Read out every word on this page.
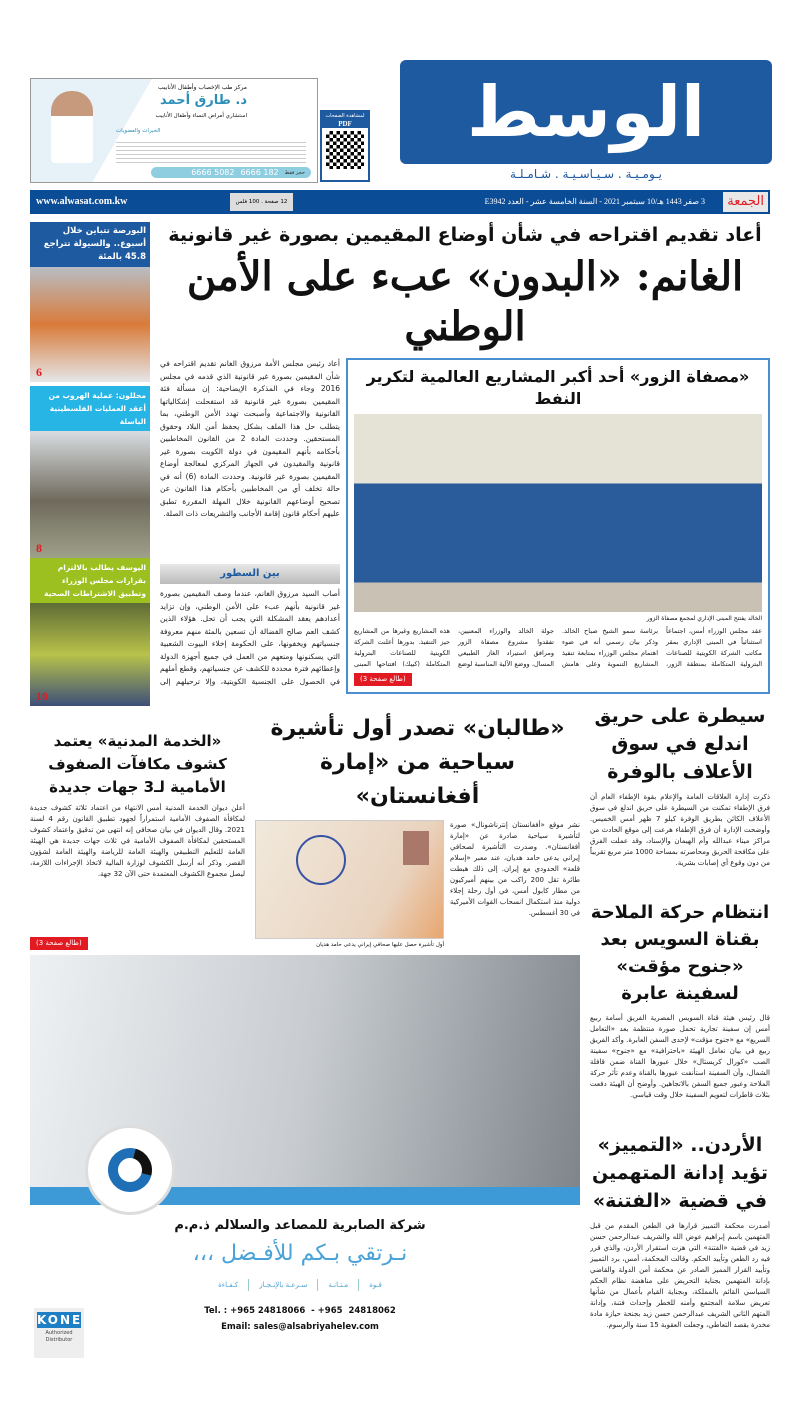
مركز طب الإخصاب وأطفال الأنابيب
د. طارق أحمد
استشاري أمراض النساء وأطفال الأنابيب
الخبرات والعضويات
حجز فقط
182 6666
5082 6666
لمشاهدة الصفحات
PDF	الوسط
يـومـيـة . سـيـاسـيـة . شـامـلـة
الجمعة
3 صفر 1443 هـ/10 سبتمبر 2021 - السنة الخامسة عشر - العدد E3942
12 صفحة . 100 فلس
www.alwasat.com.kw
البورصة تتباين خلال أسبوع.. والسيولة تتراجع 45.8 بالمئة
6
محللون: عملية الهروب من أعقد العمليات الفلسطينية الباسلة
8
اليوسف يطالب بالالتزام بقرارات مجلس الوزراء وتطبيق الاشتراطات الصحية
10
أعاد تقديم اقتراحه في شأن أوضاع المقيمين بصورة غير قانونية
الغانم: «البدون» عبء على الأمن الوطني
أعاد رئيس مجلس الأمة مرزوق الغانم تقديم اقتراحه في شأن المقيمين بصورة غير قانونية الذي قدمه في مجلس 2016 وجاء في المذكرة الإيضاحية: إن مسألة فئة المقيمين بصورة غير قانونية قد استفحلت إشكالياتها القانونية والاجتماعية وأصبحت تهدد الأمن الوطني، بما يتطلب حل هذا الملف بشكل يحفظ أمن البلاد وحقوق المستحقين. وحددت المادة 2 من القانون المخاطبين بأحكامه بأنهم المقيمون في دولة الكويت بصورة غير قانونية والمقيدون في الجهاز المركزي لمعالجة أوضاع المقيمين بصورة غير قانونية. وحددت المادة (6) أنه في حالة تخلف أي من المخاطبين بأحكام هذا القانون عن تصحيح أوضاعهم القانونية خلال المهلة المقررة تطبق عليهم أحكام قانون إقامة الأجانب والتشريعات ذات الصلة.
بين السطور
أصاب السيد مرزوق الغانم، عندما وصف المقيمين بصورة غير قانونية بأنهم عبء على الأمن الوطني، وإن تزايد أعدادهم يعقد المشكلة التي يجب أن تحل. هؤلاء الذين كشف العم صالح الفضالة أن تسعين بالمئة منهم معروفة جنسياتهم ويخفونها، على الحكومة إخلاء البيوت الشعبية التي يسكنونها ومنعهم من العمل في جميع أجهزة الدولة وإعطائهم فترة محددة للكشف عن جنسياتهم، وقطع أملهم في الحصول على الجنسية الكويتية، وإلا ترحيلهم إلى
«مصفاة الزور» أحد أكبر المشاريع العالمية لتكرير النفط
الخالد يفتتح المبنى الإداري لمجمع مصفاة الزور
عقد مجلس الوزراء أمس، اجتماعاً استثنائياً في المبنى الإداري بمقر مكاتب الشركة الكويتية للصناعات البترولية المتكاملة بمنطقة الزور، برئاسة سمو الشيخ صباح الخالد. وذكر بيان رسمي أنه في ضوء اهتمام مجلس الوزراء بمتابعة تنفيذ المشاريع التنموية وعلى هامش جولة الخالد والوزراء المعنيين، تفقدوا مشروع مصفاة الزور ومرافق استيراد الغاز الطبيعي المسال، ووضع الآلية المناسبة لوضع هذه المشاريع وغيرها من المشاريع حيز التنفيذ. بدورها أعلنت الشركة الكويتية للصناعات البترولية المتكاملة (كيبك) افتتاحها المبنى
(طالع صفحة 3)
سيطرة على حريق اندلع في سوق الأعلاف بالوفرة
ذكرت إدارة العلاقات العامة والإعلام بقوة الإطفاء العام أن فرق الإطفاء تمكنت من السيطرة على حريق اندلع في سوق الأعلاف الكائن بطريق الوفرة كيلو 7 ظهر أمس الخميس. وأوضحت الإدارة أن فرق الإطفاء هرعت إلى موقع الحادث من مراكز ميناء عبدالله وأم الهيمان والإسناد، وقد عملت الفرق على مكافحة الحريق ومحاصرته بمساحة 1000 متر مربع تقريباً من دون وقوع أي إصابات بشرية.
انتظام حركة الملاحة بقناة السويس بعد «جنوح مؤقت» لسفينة عابرة
قال رئيس هيئة قناة السويس المصرية الفريق أسامة ربيع أمس إن سفينة تجارية تحمل صورة منتظمة بعد «التعامل السريع» مع «جنوح مؤقت» لإحدى السفن العابرة. وأكد الفريق ربيع في بيان تعامل الهيئة «باحترافية» مع «جنوح» سفينة الصب «كورال كريستال» خلال عبورها القناة ضمن قافلة الشمال، وأن السفينة استأنفت عبورها بالقناة وعدم تأثر حركة الملاحة وعبور جميع السفن بالاتجاهين. وأوضح أن الهيئة دفعت بثلاث قاطرات لتعويم السفينة خلال وقت قياسي.
الأردن.. «التمييز» تؤيد إدانة المتهمين في قضية «الفتنة»
أصدرت محكمة التمييز قرارها في الطعن المقدم من قبل المتهمين باسم إبراهيم عوض الله والشريف عبدالرحمن حسن زيد في قضية «الفتنة» التي هزت استقرار الأردن، والذي قرر فيه رد الطعن وتأييد الحكم. وقالت المحكمة، أمس، برد التمييز وتأييد القرار المميز الصادر عن محكمة أمن الدولة والقاضي بإدانة المتهمين بجناية التحريض على مناهضة نظام الحكم السياسي القائم بالمملكة، وبجناية القيام بأعمال من شأنها تعريض سلامة المجتمع وأمنه للخطر وإحداث فتنة، وإدانة المتهم الثاني الشريف عبدالرحمن حسن زيد بجنحة حيازة مادة مخدرة بقصد التعاطي، وجعلت العقوبة 15 سنة والرسوم.
«طالبان» تصدر أول تأشيرة سياحية من «إمارة أفغانستان»
نشر موقع «أفغانستان إنترناشونال» صورة لتأشيرة سياحية صادرة عن «إمارة أفغانستان». وصدرت التأشيرة لصحافي إيراني يدعى حامد هديان، عند معبر «إسلام قلعة» الحدودي مع إيران. إلى ذلك هبطت طائرة تقل 200 راكب من بينهم أميركيون من مطار كابول أمس، في أول رحلة إجلاء دولية منذ استكمال انسحاب القوات الأميركية في 30 أغسطس.
أول تأشيرة حصل عليها صحافي إيراني يدعى حامد هديان
«الخدمة المدنية» يعتمد كشوف مكافآت الصفوف الأمامية لـ3 جهات جديدة
أعلن ديوان الخدمة المدنية أمس الانتهاء من اعتماد ثلاثة كشوف جديدة لمكافأة الصفوف الأمامية استمراراً لجهود تطبيق القانون رقم 4 لسنة 2021. وقال الديوان في بيان صحافي إنه انتهى من تدقيق واعتماد كشوف المستحقين لمكافأة الصفوف الأمامية في ثلاث جهات جديدة هي الهيئة العامة للتعليم التطبيقي والهيئة العامة للرياضة والهيئة العامة لشؤون القصر. وذكر أنه أرسل الكشوف لوزارة المالية لاتخاذ الإجراءات اللازمة، ليصل مجموع الكشوف المعتمدة حتى الآن 32 جهة.
(طالع صفحة 3)
شركة الصابرية للمصاعد والسلالم ذ.م.م
نـرتقي بـكم للأفـضل ،،،
قـوة
مـتـانـة
سـرعـة بالإنـجـاز
كـفـاءة
Tel. : +965 24818066  - +965  24818062
Email: sales@alsabriyahelev.com
KONE
Authorized Distributor
